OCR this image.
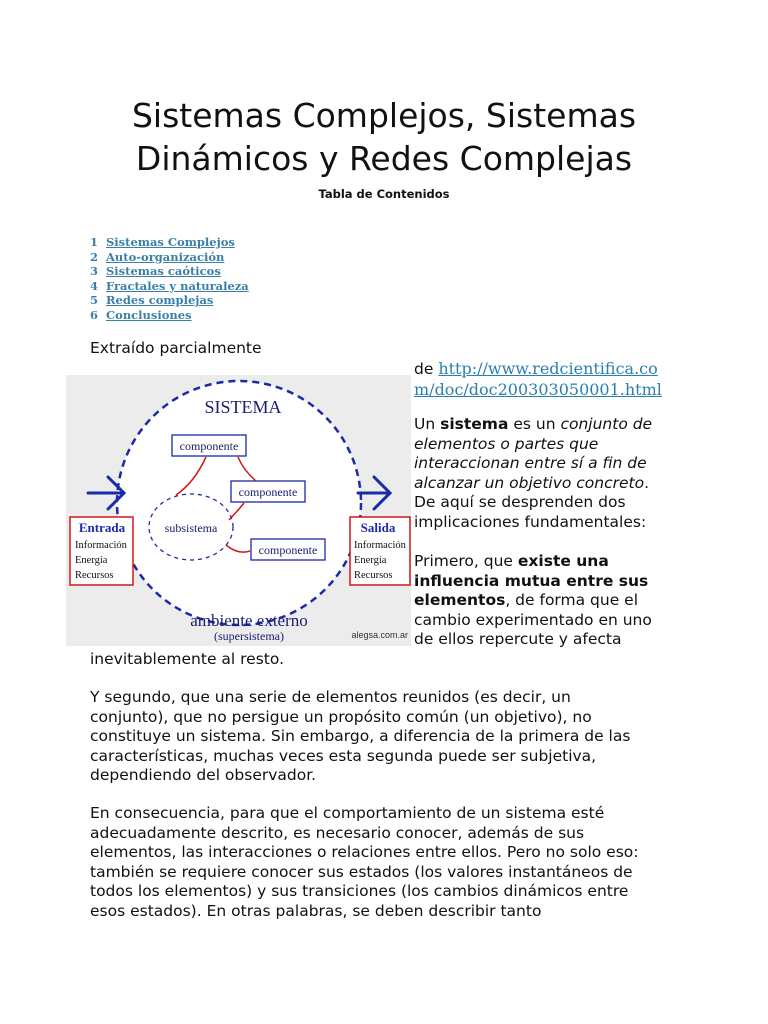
Sistemas Complejos, Sistemas
Dinámicos y Redes Complejas
Tabla de Contenidos
1 Sistemas Complejos
2 Auto-organización
3 Sistemas caóticos
4 Fractales y naturaleza
5 Redes complejas
6 Conclusiones

Extraído parcialmente

de http://www.redcientifica.co
m/doc/doc200303050001.html

SISTEMA
subsistema
componente
componente
componente
Entrada
Información
Energía
Recursos
Salida
Información
Energía
Recursos
ambiente externo
(supersistema)	alegsa.com.ar

Un sistema es un conjunto de
elementos o partes que
interaccionan entre sí a fin de
alcanzar un objetivo concreto.
De aquí se desprenden dos
implicaciones fundamentales:

Primero, que existe una
influencia mutua entre sus
elementos, de forma que el
cambio experimentado en uno
de ellos repercute y afecta

inevitablemente al resto.

Y segundo, que una serie de elementos reunidos (es decir, un
conjunto), que no persigue un propósito común (un objetivo), no
constituye un sistema. Sin embargo, a diferencia de la primera de las
características, muchas veces esta segunda puede ser subjetiva,
dependiendo del observador.

En consecuencia, para que el comportamiento de un sistema esté
adecuadamente descrito, es necesario conocer, además de sus
elementos, las interacciones o relaciones entre ellos. Pero no solo eso:
también se requiere conocer sus estados (los valores instantáneos de
todos los elementos) y sus transiciones (los cambios dinámicos entre
esos estados). En otras palabras, se deben describir tanto
